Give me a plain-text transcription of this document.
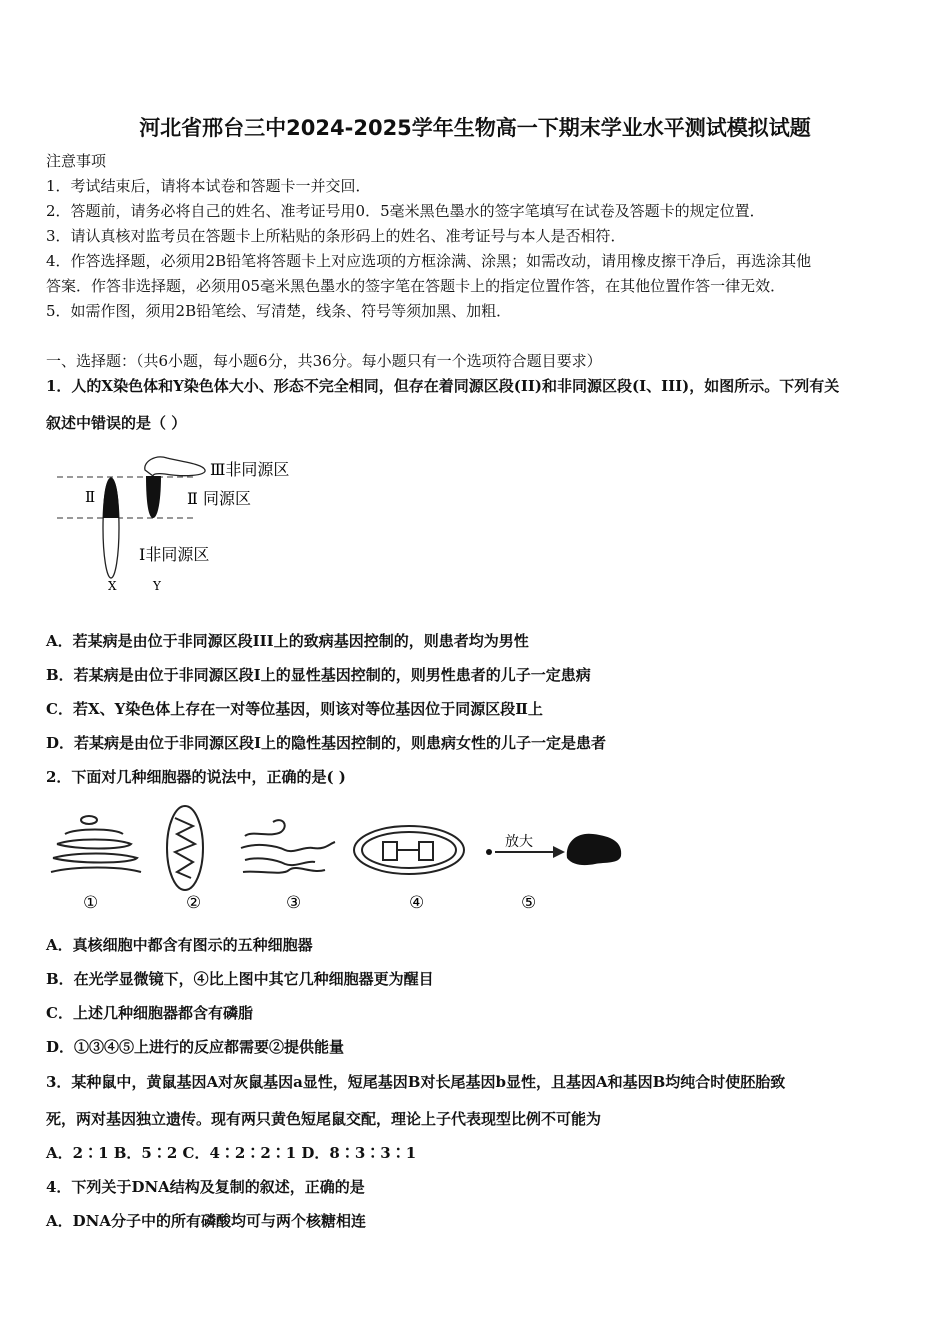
河北省邢台三中2024-2025学年生物高一下期末学业水平测试模拟试题
注意事项
1．考试结束后，请将本试卷和答题卡一并交回．
2．答题前，请务必将自己的姓名、准考证号用0．5毫米黑色墨水的签字笔填写在试卷及答题卡的规定位置．
3．请认真核对监考员在答题卡上所粘贴的条形码上的姓名、准考证号与本人是否相符．
4．作答选择题，必须用2B铅笔将答题卡上对应选项的方框涂满、涂黑；如需改动，请用橡皮擦干净后，再选涂其他
答案．作答非选择题，必须用05毫米黑色墨水的签字笔在答题卡上的指定位置作答，在其他位置作答一律无效．
5．如需作图，须用2B铅笔绘、写清楚，线条、符号等须加黑、加粗．
一、选择题：（共6小题，每小题6分，共36分。每小题只有一个选项符合题目要求）
1．人的X染色体和Y染色体大小、形态不完全相同，但存在着同源区段(II)和非同源区段(I、III)，如图所示。下列有关
叙述中错误的是（ ）
Ⅱ
Ⅲ非同源区
Ⅱ 同源区
Ⅰ非同源区
X	Y
A．若某病是由位于非同源区段III上的致病基因控制的，则患者均为男性
B．若某病是由位于非同源区段Ⅰ上的显性基因控制的，则男性患者的儿子一定患病
C．若X、Y染色体上存在一对等位基因，则该对等位基因位于同源区段Ⅱ上
D．若某病是由位于非同源区段I上的隐性基因控制的，则患病女性的儿子一定是患者
2．下面对几种细胞器的说法中，正确的是( )
放大
①	②	③	④	⑤
A．真核细胞中都含有图示的五种细胞器
B．在光学显微镜下，④比上图中其它几种细胞器更为醒目
C．上述几种细胞器都含有磷脂
D．①③④⑤上进行的反应都需要②提供能量
3．某种鼠中，黄鼠基因A对灰鼠基因a显性，短尾基因B对长尾基因b显性，且基因A和基因B均纯合时使胚胎致
死，两对基因独立遗传。现有两只黄色短尾鼠交配，理论上子代表现型比例不可能为
A．2∶1 B．5∶2 C．4∶2∶2∶1 D．8∶3∶3∶1
4．下列关于DNA结构及复制的叙述，正确的是
A．DNA分子中的所有磷酸均可与两个核糖相连
